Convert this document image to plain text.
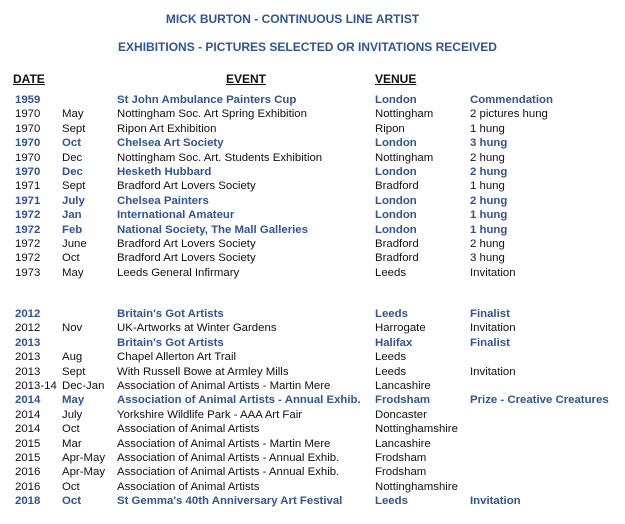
MICK BURTON - CONTINUOUS LINE ARTIST
EXHIBITIONS - PICTURES SELECTED OR INVITATIONS RECEIVED
DATE	EVENT	VENUE
1959		St John Ambulance Painters Cup	London	Commendation
1970	May	Nottingham Soc. Art Spring Exhibition	Nottingham	2 pictures hung
1970	Sept	Ripon Art Exhibition	Ripon	1 hung
1970	Oct	Chelsea Art Society	London	3 hung
1970	Dec	Nottingham Soc. Art. Students Exhibition	Nottingham	2 hung
1970	Dec	Hesketh Hubbard	London	2 hung
1971	Sept	Bradford Art Lovers Society	Bradford	1 hung
1971	July	Chelsea Painters	London	2 hung
1972	Jan	International Amateur	London	1 hung
1972	Feb	National Society, The Mall Galleries	London	1 hung
1972	June	Bradford Art Lovers Society	Bradford	2 hung
1972	Oct	Bradford Art Lovers Society	Bradford	3 hung
1973	May	Leeds General Infirmary	Leeds	Invitation
2012		Britain's Got Artists	Leeds	Finalist
2012	Nov	UK-Artworks at Winter Gardens	Harrogate	Invitation
2013		Britain's Got Artists	Halifax	Finalist
2013	Aug	Chapel Allerton Art Trail	Leeds	
2013	Sept	With Russell Bowe at Armley Mills	Leeds	Invitation
2013-14	Dec-Jan	Association of Animal Artists - Martin Mere	Lancashire	
2014	May	Association of Animal Artists - Annual Exhib.	Frodsham	Prize - Creative Creatures
2014	July	Yorkshire Wildlife Park - AAA Art Fair	Doncaster	
2014	Oct	Association of Animal Artists	Nottinghamshire	
2015	Mar	Association of Animal Artists - Martin Mere	Lancashire	
2015	Apr-May	Association of Animal Artists - Annual Exhib.	Frodsham	
2016	Apr-May	Association of Animal Artists - Annual Exhib.	Frodsham	
2016	Oct	Association of Animal Artists	Nottinghamshire	
2018	Oct	St Gemma's 40th Anniversary Art Festival	Leeds	Invitation
